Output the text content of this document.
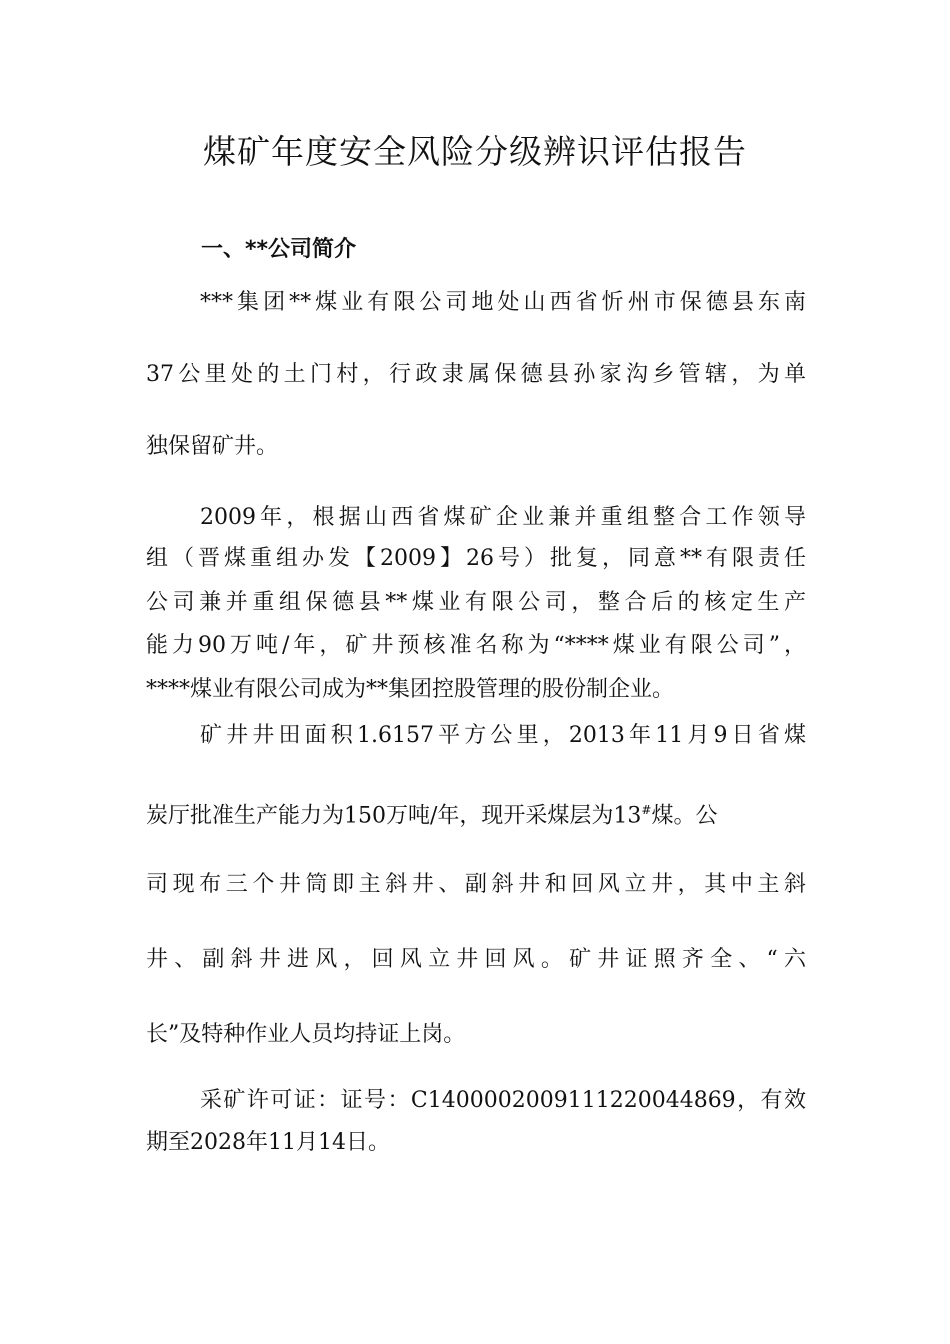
煤矿年度安全风险分级辨识评估报告
一、**公司简介
***集团**煤业有限公司地处山西省忻州市保德县东南
37公里处的土门村，行政隶属保德县孙家沟乡管辖，为单
独保留矿井。
2009年，根据山西省煤矿企业兼并重组整合工作领导
组（晋煤重组办发【2009】26号）批复，同意**有限责任
公司兼并重组保德县**煤业有限公司，整合后的核定生产
能力90万吨/年，矿井预核准名称为“****煤业有限公司”，
****煤业有限公司成为**集团控股管理的股份制企业。
矿井井田面积1.6157平方公里，2013年11月9日省煤
炭厅批准生产能力为150万吨/年，现开采煤层为13#煤。公
司现布三个井筒即主斜井、副斜井和回风立井，其中主斜
井、副斜井进风，回风立井回风。矿井证照齐全、“六
长”及特种作业人员均持证上岗。
采矿许可证：证号：C1400002009111220044869，有效
期至2028年11月14日。
